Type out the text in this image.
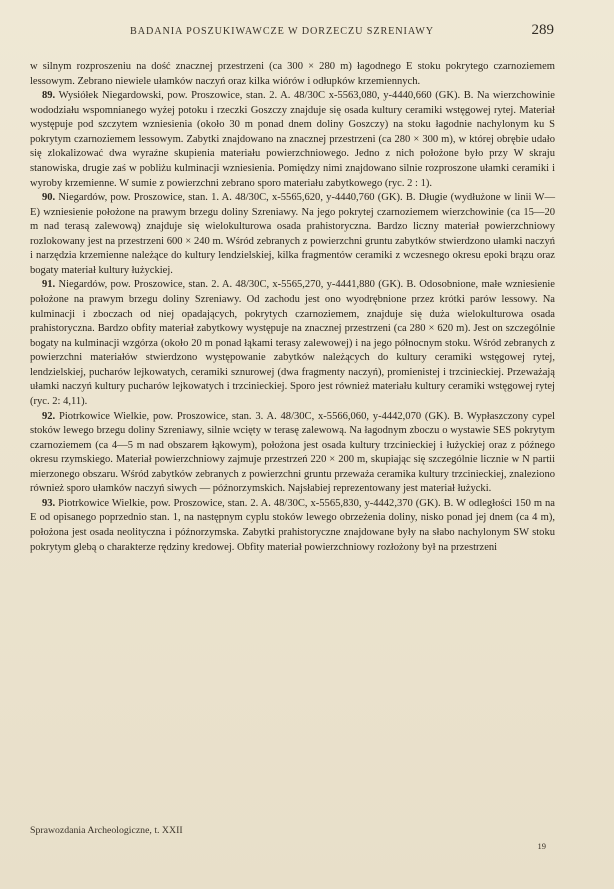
BADANIA POSZUKIWAWCZE W DORZECZU SZRENIAWY	289

w silnym rozproszeniu na dość znacznej przestrzeni (ca 300 × 280 m) łagodnego E stoku pokrytego czarnoziemem lessowym. Zebrano niewiele ułamków naczyń oraz kilka wiórów i odłupków krzemiennych.

89. Wysiółek Niegardowski, pow. Proszowice, stan. 2. A. 48/30C x-5563,080, y-4440,660 (GK). B. Na wierzchowinie wododziału wspomnianego wyżej potoku i rzeczki Goszczy znajduje się osada kultury ceramiki wstęgowej rytej. Materiał występuje pod szczytem wzniesienia (około 30 m ponad dnem doliny Goszczy) na stoku łagodnie nachylonym ku S pokrytym czarnoziemem lessowym. Zabytki znajdowano na znacznej przestrzeni (ca 280 × 300 m), w której obrębie udało się zlokalizować dwa wyraźne skupienia materiału powierzchniowego. Jedno z nich położone było przy W skraju stanowiska, drugie zaś w pobliżu kulminacji wzniesienia. Pomiędzy nimi znajdowano silnie rozproszone ułamki ceramiki i wyroby krzemienne. W sumie z powierzchni zebrano sporo materiału zabytkowego (ryc. 2 : 1).

90. Niegardów, pow. Proszowice, stan. 1. A. 48/30C, x-5565,620, y-4440,760 (GK). B. Długie (wydłużone w linii W—E) wzniesienie położone na prawym brzegu doliny Szreniawy. Na jego pokrytej czarnoziemem wierzchowinie (ca 15—20 m nad terasą zalewową) znajduje się wielokulturowa osada prahistoryczna. Bardzo liczny materiał powierzchniowy rozlokowany jest na przestrzeni 600 × 240 m. Wśród zebranych z powierzchni gruntu zabytków stwierdzono ułamki naczyń i narzędzia krzemienne należące do kultury lendzielskiej, kilka fragmentów ceramiki z wczesnego okresu epoki brązu oraz bogaty materiał kultury łużyckiej.

91. Niegardów, pow. Proszowice, stan. 2. A. 48/30C, x-5565,270, y-4441,880 (GK). B. Odosobnione, małe wzniesienie położone na prawym brzegu doliny Szreniawy. Od zachodu jest ono wyodrębnione przez krótki parów lessowy. Na kulminacji i zboczach od niej opadających, pokrytych czarnoziemem, znajduje się duża wielokulturowa osada prahistoryczna. Bardzo obfity materiał zabytkowy występuje na znacznej przestrzeni (ca 280 × 620 m). Jest on szczególnie bogaty na kulminacji wzgórza (około 20 m ponad łąkami terasy zalewowej) i na jego północnym stoku. Wśród zebranych z powierzchni materiałów stwierdzono występowanie zabytków należących do kultury ceramiki wstęgowej rytej, lendzielskiej, pucharów lejkowatych, ceramiki sznurowej (dwa fragmenty naczyń), promienistej i trzcinieckiej. Przeważają ułamki naczyń kultury pucharów lejkowatych i trzcinieckiej. Sporo jest również materiału kultury ceramiki wstęgowej rytej (ryc. 2: 4,11).

92. Piotrkowice Wielkie, pow. Proszowice, stan. 3. A. 48/30C, x-5566,060, y-4442,070 (GK). B. Wypłaszczony cypel stoków lewego brzegu doliny Szreniawy, silnie wcięty w terasę zalewową. Na łagodnym zboczu o wystawie SES pokrytym czarnoziemem (ca 4—5 m nad obszarem łąkowym), położona jest osada kultury trzcinieckiej i łużyckiej oraz z późnego okresu rzymskiego. Materiał powierzchniowy zajmuje przestrzeń 220 × 200 m, skupiając się szczególnie licznie w N partii mierzonego obszaru. Wśród zabytków zebranych z powierzchni gruntu przeważa ceramika kultury trzcinieckiej, znaleziono również sporo ułamków naczyń siwych — późnorzymskich. Najsłabiej reprezentowany jest materiał łużycki.

93. Piotrkowice Wielkie, pow. Proszowice, stan. 2. A. 48/30C, x-5565,830, y-4442,370 (GK). B. W odległości 150 m na E od opisanego poprzednio stan. 1, na następnym cyplu stoków lewego obrzeżenia doliny, nisko ponad jej dnem (ca 4 m), położona jest osada neolityczna i późnorzymska. Zabytki prahistoryczne znajdowane były na słabo nachylonym SW stoku pokrytym glebą o charakterze rędziny kredowej. Obfity materiał powierzchniowy rozłożony był na przestrzeni

Sprawozdania Archeologiczne, t. XXII
19
